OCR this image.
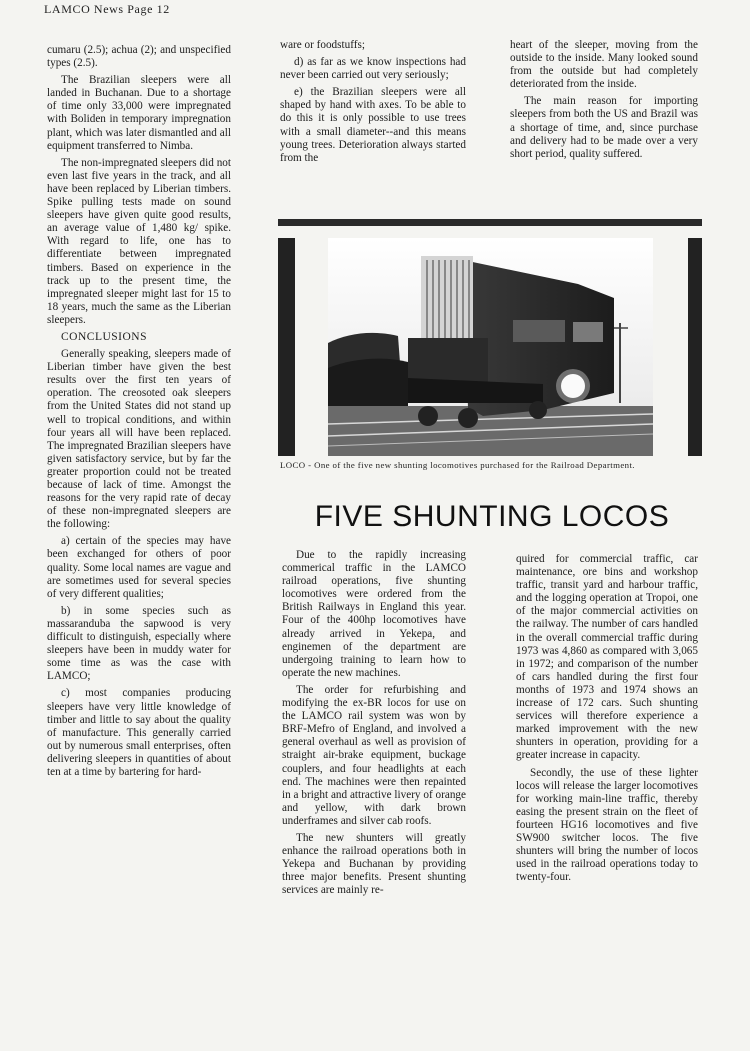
LAMCO News Page 12

cumaru (2.5); achua (2); and unspecified types (2.5).

The Brazilian sleepers were all landed in Buchanan. Due to a shortage of time only 33,000 were impregnated with Boliden in temporary impregnation plant, which was later dismantled and all equipment transferred to Nimba.

The non-impregnated sleepers did not even last five years in the track, and all have been replaced by Liberian timbers. Spike pulling tests made on sound sleepers have given quite good results, an average value of 1,480 kg/ spike. With regard to life, one has to differentiate between impregnated timbers. Based on experience in the track up to the present time, the impregnated sleeper might last for 15 to 18 years, much the same as the Liberian sleepers.

CONCLUSIONS

Generally speaking, sleepers made of Liberian timber have given the best results over the first ten years of operation. The creosoted oak sleepers from the United States did not stand up well to tropical conditions, and within four years all will have been replaced. The impregnated Brazilian sleepers have given satisfactory service, but by far the greater proportion could not be treated because of lack of time. Amongst the reasons for the very rapid rate of decay of these non-impregnated sleepers are the following:

a) certain of the species may have been exchanged for others of poor quality. Some local names are vague and are sometimes used for several species of very different qualities;

b) in some species such as massaranduba the sapwood is very difficult to distinguish, especially where sleepers have been in muddy water for some time as was the case with LAMCO;

c) most companies producing sleepers have very little knowledge of timber and little to say about the quality of manufacture. This generally carried out by numerous small enterprises, often delivering sleepers in quantities of about ten at a time by bartering for hard-

ware or foodstuffs;

d) as far as we know inspections had never been carried out very seriously;

e) the Brazilian sleepers were all shaped by hand with axes. To be able to do this it is only possible to use trees with a small diameter--and this means young trees. Deterioration always started from the

heart of the sleeper, moving from the outside to the inside. Many looked sound from the outside but had completely deteriorated from the inside.

The main reason for importing sleepers from both the US and Brazil was a shortage of time, and, since purchase and delivery had to be made over a very short period, quality suffered.

LOCO - One of the five new shunting locomotives purchased for the Railroad Department.
FIVE SHUNTING LOCOS

Due to the rapidly increasing commerical traffic in the LAMCO railroad operations, five shunting locomotives were ordered from the British Railways in England this year. Four of the 400hp locomotives have already arrived in Yekepa, and enginemen of the department are undergoing training to learn how to operate the new machines.

The order for refurbishing and modifying the ex-BR locos for use on the LAMCO rail system was won by BRF-Mefro of England, and involved a general overhaul as well as provision of straight air-brake equipment, buckage couplers, and four headlights at each end. The machines were then repainted in a bright and attractive livery of orange and yellow, with dark brown underframes and silver cab roofs.

The new shunters will greatly enhance the railroad operations both in Yekepa and Buchanan by providing three major benefits. Present shunting services are mainly re-

quired for commercial traffic, car maintenance, ore bins and workshop traffic, transit yard and harbour traffic, and the logging operation at Tropoi, one of the major commercial activities on the railway. The number of cars handled in the overall commercial traffic during 1973 was 4,860 as compared with 3,065 in 1972; and comparison of the number of cars handled during the first four months of 1973 and 1974 shows an increase of 172 cars. Such shunting services will therefore experience a marked improvement with the new shunters in operation, providing for a greater increase in capacity.

Secondly, the use of these lighter locos will release the larger locomotives for working main-line traffic, thereby easing the present strain on the fleet of fourteen HG16 locomotives and five SW900 switcher locos. The five shunters will bring the number of locos used in the railroad operations today to twenty-four.
